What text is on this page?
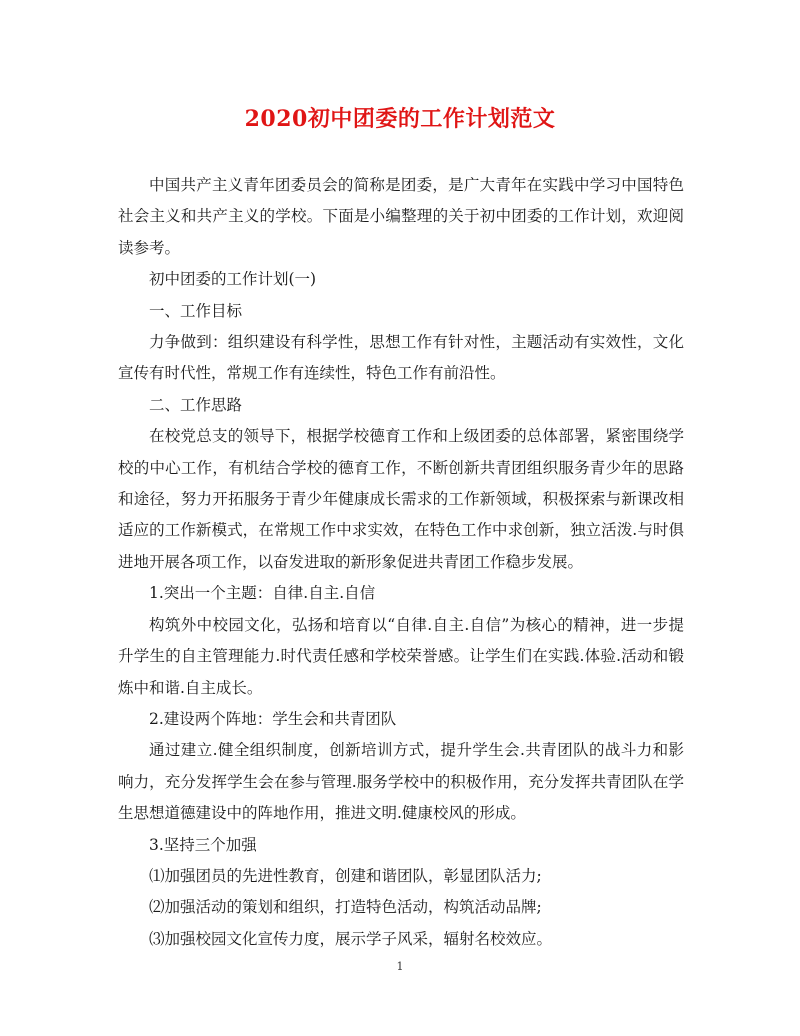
2020初中团委的工作计划范文

中国共产主义青年团委员会的简称是团委，是广大青年在实践中学习中国特色社会主义和共产主义的学校。下面是小编整理的关于初中团委的工作计划，欢迎阅读参考。

初中团委的工作计划(一)

一、工作目标

力争做到：组织建设有科学性，思想工作有针对性，主题活动有实效性，文化宣传有时代性，常规工作有连续性，特色工作有前沿性。

二、工作思路

在校党总支的领导下，根据学校德育工作和上级团委的总体部署，紧密围绕学校的中心工作，有机结合学校的德育工作，不断创新共青团组织服务青少年的思路和途径，努力开拓服务于青少年健康成长需求的工作新领域，积极探索与新课改相适应的工作新模式，在常规工作中求实效，在特色工作中求创新，独立活泼.与时俱进地开展各项工作，以奋发进取的新形象促进共青团工作稳步发展。

1.突出一个主题：自律.自主.自信

构筑外中校园文化，弘扬和培育以“自律.自主.自信”为核心的精神，进一步提升学生的自主管理能力.时代责任感和学校荣誉感。让学生们在实践.体验.活动和锻炼中和谐.自主成长。

2.建设两个阵地：学生会和共青团队

通过建立.健全组织制度，创新培训方式，提升学生会.共青团队的战斗力和影响力，充分发挥学生会在参与管理.服务学校中的积极作用，充分发挥共青团队在学生思想道德建设中的阵地作用，推进文明.健康校风的形成。

3.坚持三个加强

⑴加强团员的先进性教育，创建和谐团队，彰显团队活力;

⑵加强活动的策划和组织，打造特色活动，构筑活动品牌;

⑶加强校园文化宣传力度，展示学子风采，辐射名校效应。

1
